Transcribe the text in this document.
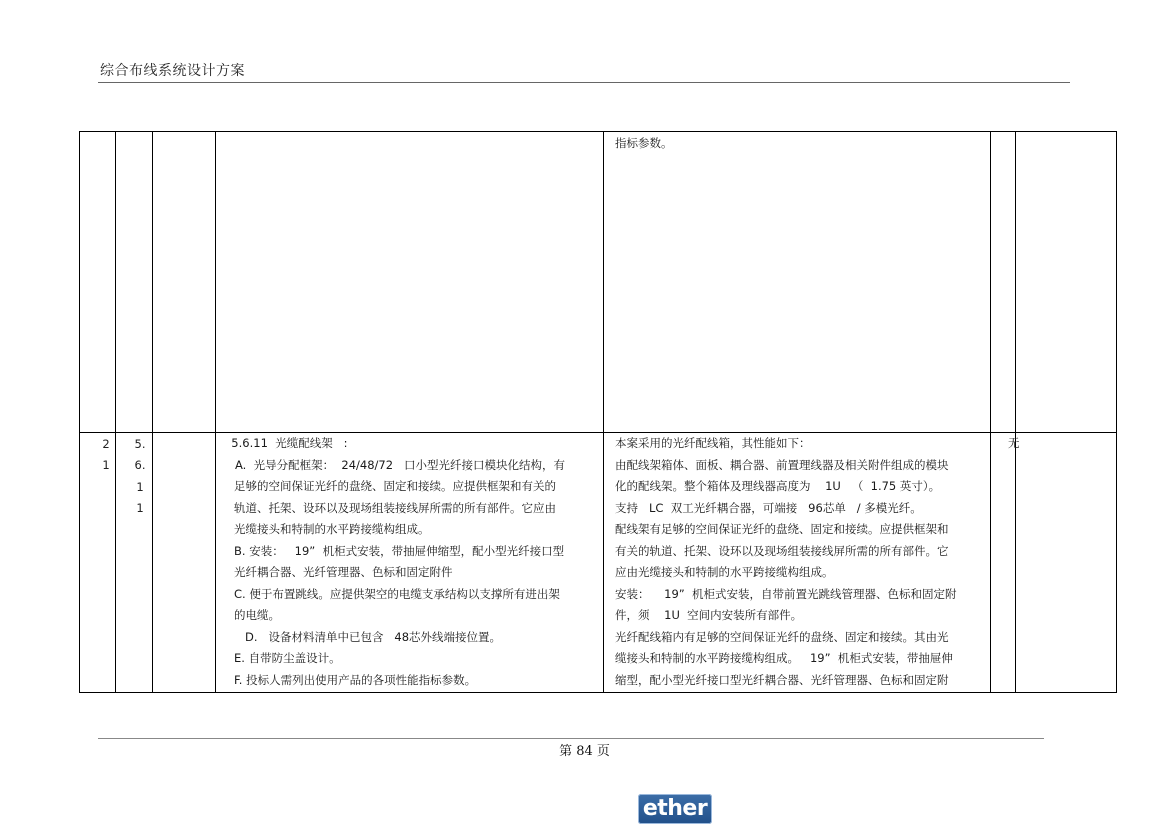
综合布线系统设计方案
指标参数。
2
1
5.
6.
1
1
5.6.11  光缆配线架   :
A.  光导分配框架：  24/48/72   口小型光纤接口模块化结构，有
足够的空间保证光纤的盘绕、固定和接续。应提供框架和有关的
轨道、托架、设环以及现场组装接线屏所需的所有部件。它应由
光缆接头和特制的水平跨接缆构组成。
B. 安装：   19”  机柜式安装，带抽屉伸缩型，配小型光纤接口型
光纤耦合器、光纤管理器、色标和固定附件
C. 便于布置跳线。应提供架空的电缆支承结构以支撑所有进出架
的电缆。
D.   设备材料清单中已包含   48芯外线端接位置。
E. 自带防尘盖设计。
F. 投标人需列出使用产品的各项性能指标参数。
本案采用的光纤配线箱，其性能如下：
由配线架箱体、面板、耦合器、前置理线器及相关附件组成的模块
化的配线架。整个箱体及理线器高度为    1U   （  1.75 英寸）。
支持   LC  双工光纤耦合器，可端接   96芯单   / 多模光纤。
配线架有足够的空间保证光纤的盘绕、固定和接续。应提供框架和
有关的轨道、托架、设环以及现场组装接线屏所需的所有部件。它
应由光缆接头和特制的水平跨接缆构组成。
安装：    19”  机柜式安装，自带前置光跳线管理器、色标和固定附
件，须    1U  空间内安装所有部件。
光纤配线箱内有足够的空间保证光纤的盘绕、固定和接续。其由光
缆接头和特制的水平跨接缆构组成。   19”  机柜式安装，带抽屉伸
缩型，配小型光纤接口型光纤耦合器、光纤管理器、色标和固定附
无
第 84 页
ether
